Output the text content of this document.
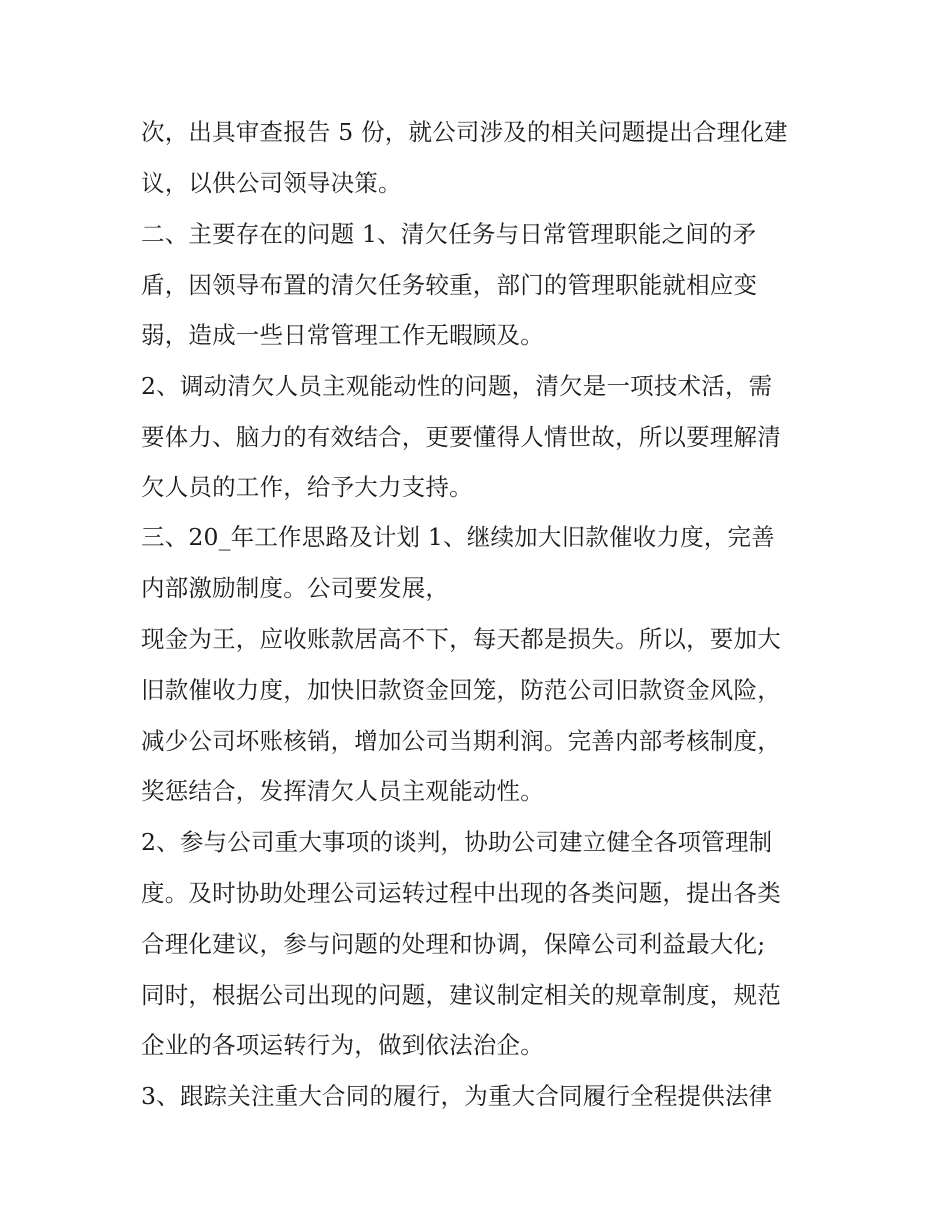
次，出具审查报告 5 份，就公司涉及的相关问题提出合理化建
议，以供公司领导决策。
二、主要存在的问题 1、清欠任务与日常管理职能之间的矛
盾，因领导布置的清欠任务较重，部门的管理职能就相应变
弱，造成一些日常管理工作无暇顾及。
2、调动清欠人员主观能动性的问题，清欠是一项技术活，需
要体力、脑力的有效结合，更要懂得人情世故，所以要理解清
欠人员的工作，给予大力支持。
三、20_年工作思路及计划 1、继续加大旧款催收力度，完善
内部激励制度。公司要发展，
现金为王，应收账款居高不下，每天都是损失。所以，要加大
旧款催收力度，加快旧款资金回笼，防范公司旧款资金风险，
减少公司坏账核销，增加公司当期利润。完善内部考核制度，
奖惩结合，发挥清欠人员主观能动性。
2、参与公司重大事项的谈判，协助公司建立健全各项管理制
度。及时协助处理公司运转过程中出现的各类问题，提出各类
合理化建议，参与问题的处理和协调，保障公司利益最大化;
同时，根据公司出现的问题，建议制定相关的规章制度，规范
企业的各项运转行为，做到依法治企。
3、跟踪关注重大合同的履行，为重大合同履行全程提供法律
